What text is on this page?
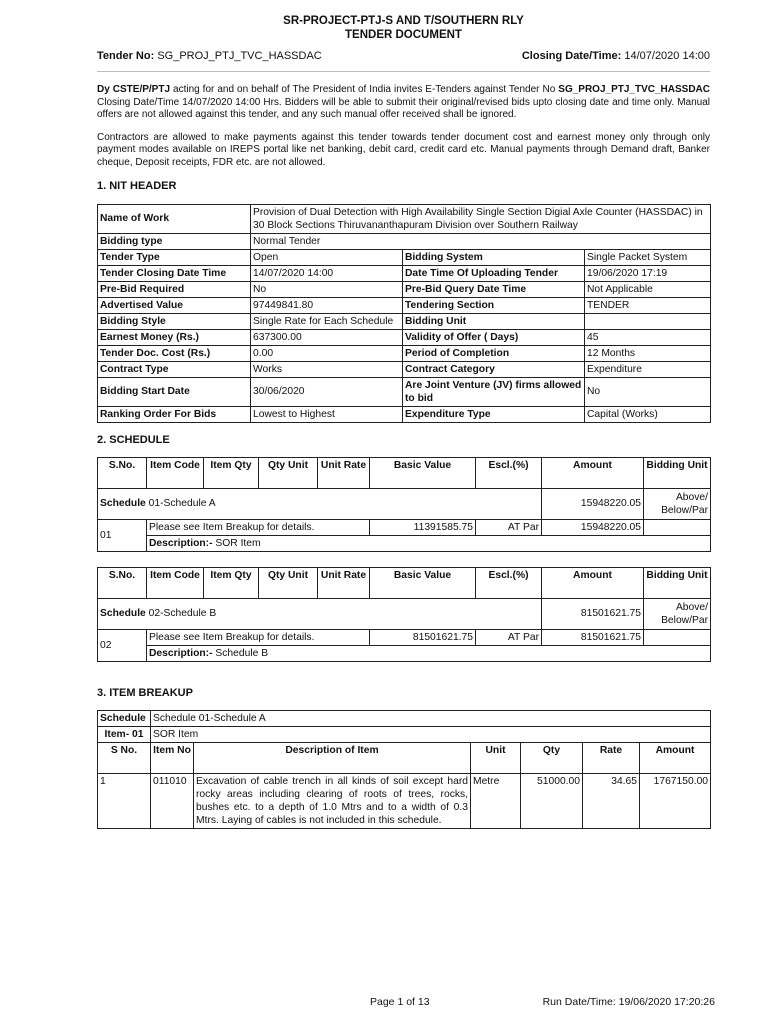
SR-PROJECT-PTJ-S AND T/SOUTHERN RLY
TENDER DOCUMENT
Tender No: SG_PROJ_PTJ_TVC_HASSDAC	Closing Date/Time: 14/07/2020 14:00

Dy CSTE/P/PTJ acting for and on behalf of The President of India invites E-Tenders against Tender No SG_PROJ_PTJ_TVC_HASSDAC Closing Date/Time 14/07/2020 14:00 Hrs. Bidders will be able to submit their original/revised bids upto closing date and time only. Manual offers are not allowed against this tender, and any such manual offer received shall be ignored.

Contractors are allowed to make payments against this tender towards tender document cost and earnest money only through only payment modes available on IREPS portal like net banking, debit card, credit card etc. Manual payments through Demand draft, Banker cheque, Deposit receipts, FDR etc. are not allowed.

1. NIT HEADER
Name of Work	Provision of Dual Detection with High Availability Single Section Digial Axle Counter (HASSDAC) in 30 Block Sections Thiruvananthapuram Division over Southern Railway		
Bidding type	Normal Tender		
Tender Type	Open	Bidding System	Single Packet System
Tender Closing Date Time	14/07/2020 14:00	Date Time Of Uploading Tender	19/06/2020 17:19
Pre-Bid Required	No	Pre-Bid Query Date Time	Not Applicable
Advertised Value	97449841.80	Tendering Section	TENDER
Bidding Style	Single Rate for Each Schedule	Bidding Unit	
Earnest Money (Rs.)	637300.00	Validity of Offer ( Days)	45
Tender Doc. Cost (Rs.)	0.00	Period of Completion	12 Months
Contract Type	Works	Contract Category	Expenditure
Bidding Start Date	30/06/2020	Are Joint Venture (JV) firms allowed to bid	No
Ranking Order For Bids	Lowest to Highest	Expenditure Type	Capital (Works)
2. SCHEDULE
S.No.	Item Code	Item Qty	Qty Unit	Unit Rate	Basic Value	Escl.(%)	Amount	Bidding Unit
Schedule 01-Schedule A							15948220.05	Above/ Below/Par
01	Please see Item Breakup for details.				11391585.75	AT Par	15948220.05	
	Description:- SOR Item							
S.No.	Item Code	Item Qty	Qty Unit	Unit Rate	Basic Value	Escl.(%)	Amount	Bidding Unit
Schedule 02-Schedule B							81501621.75	Above/ Below/Par
02	Please see Item Breakup for details.				81501621.75	AT Par	81501621.75	
	Description:- Schedule B							
3. ITEM BREAKUP
Schedule	Schedule 01-Schedule A					
Item- 01	SOR Item					
S No.	Item No	Description of Item	Unit	Qty	Rate	Amount
1	011010	Excavation of cable trench in all kinds of soil except hard rocky areas including clearing of roots of trees, rocks, bushes etc. to a depth of 1.0 Mtrs and to a width of 0.3 Mtrs. Laying of cables is not included in this schedule.	Metre	51000.00	34.65	1767150.00
Page 1 of 13	Run Date/Time: 19/06/2020 17:20:26
